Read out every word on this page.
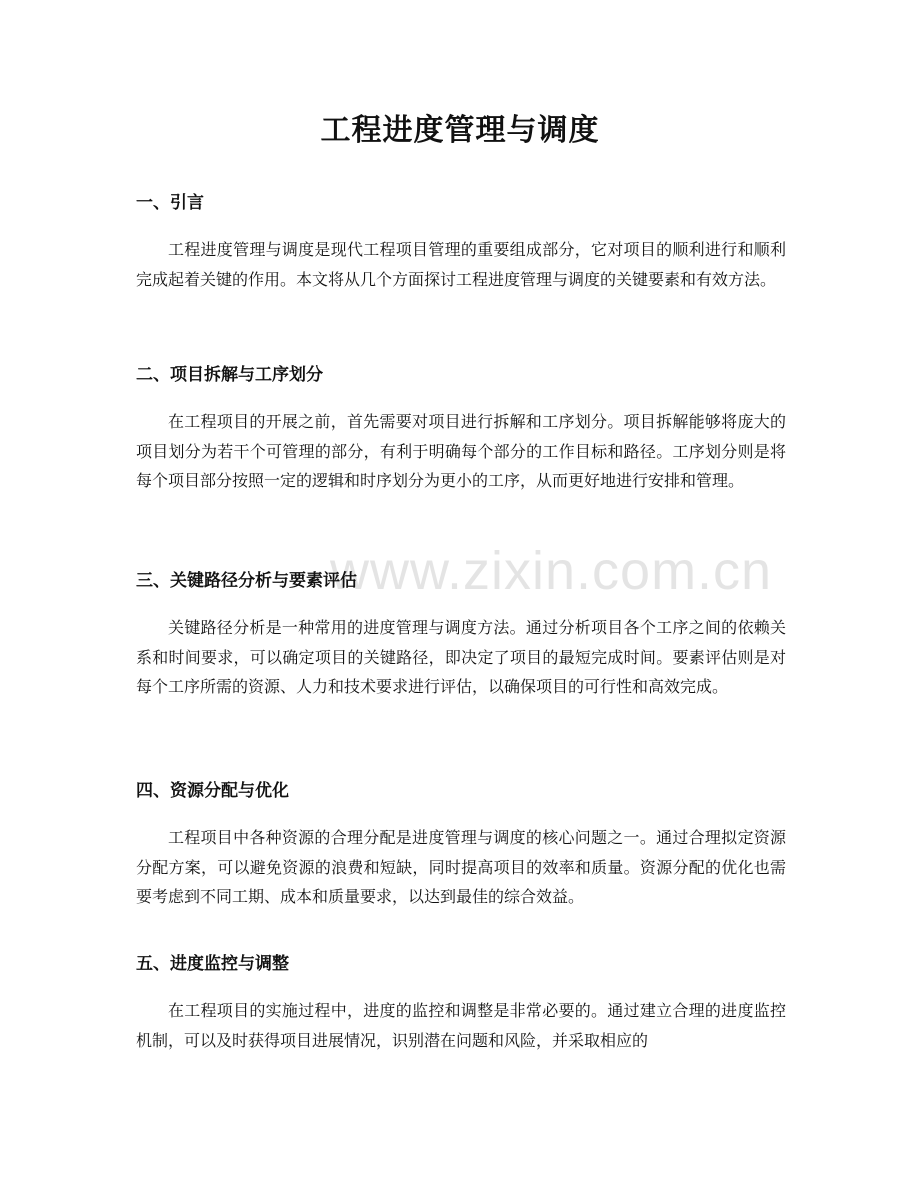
工程进度管理与调度
www.zixin.com.cn
一、引言

工程进度管理与调度是现代工程项目管理的重要组成部分，它对项目的顺利进行和顺利完成起着关键的作用。本文将从几个方面探讨工程进度管理与调度的关键要素和有效方法。

二、项目拆解与工序划分

在工程项目的开展之前，首先需要对项目进行拆解和工序划分。项目拆解能够将庞大的项目划分为若干个可管理的部分，有利于明确每个部分的工作目标和路径。工序划分则是将每个项目部分按照一定的逻辑和时序划分为更小的工序，从而更好地进行安排和管理。

三、关键路径分析与要素评估

关键路径分析是一种常用的进度管理与调度方法。通过分析项目各个工序之间的依赖关系和时间要求，可以确定项目的关键路径，即决定了项目的最短完成时间。要素评估则是对每个工序所需的资源、人力和技术要求进行评估，以确保项目的可行性和高效完成。

四、资源分配与优化

工程项目中各种资源的合理分配是进度管理与调度的核心问题之一。通过合理拟定资源分配方案，可以避免资源的浪费和短缺，同时提高项目的效率和质量。资源分配的优化也需要考虑到不同工期、成本和质量要求，以达到最佳的综合效益。

五、进度监控与调整

在工程项目的实施过程中，进度的监控和调整是非常必要的。通过建立合理的进度监控机制，可以及时获得项目进展情况，识别潜在问题和风险，并采取相应的
